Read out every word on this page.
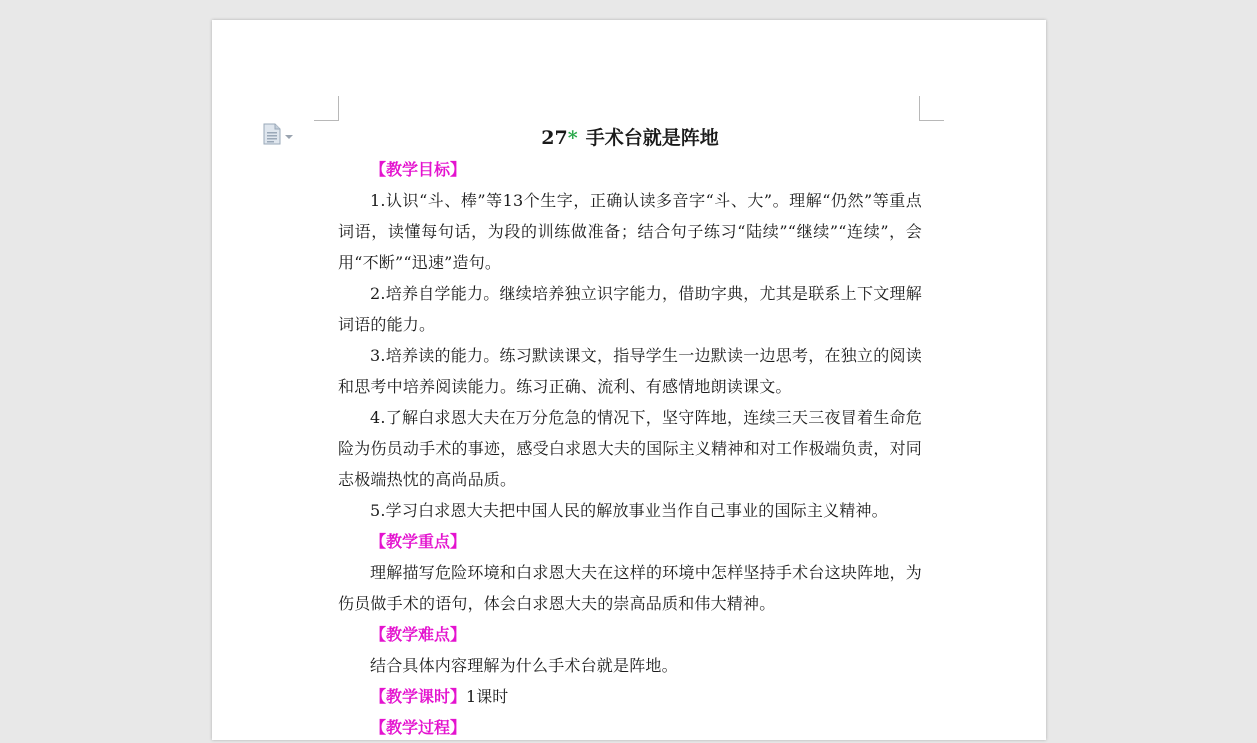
27* 手术台就是阵地
【教学目标】

1.认识“斗、棒”等13个生字，正确认读多音字“斗、大”。理解“仍然”等重点词语，读懂每句话，为段的训练做准备；结合句子练习“陆续”“继续”“连续”，会用“不断”“迅速”造句。

2.培养自学能力。继续培养独立识字能力，借助字典，尤其是联系上下文理解词语的能力。

3.培养读的能力。练习默读课文，指导学生一边默读一边思考，在独立的阅读和思考中培养阅读能力。练习正确、流利、有感情地朗读课文。

4.了解白求恩大夫在万分危急的情况下，坚守阵地，连续三天三夜冒着生命危险为伤员动手术的事迹，感受白求恩大夫的国际主义精神和对工作极端负责，对同志极端热忱的高尚品质。

5.学习白求恩大夫把中国人民的解放事业当作自己事业的国际主义精神。

【教学重点】

理解描写危险环境和白求恩大夫在这样的环境中怎样坚持手术台这块阵地，为伤员做手术的语句，体会白求恩大夫的崇高品质和伟大精神。

【教学难点】

结合具体内容理解为什么手术台就是阵地。

【教学课时】1课时
【教学过程】
